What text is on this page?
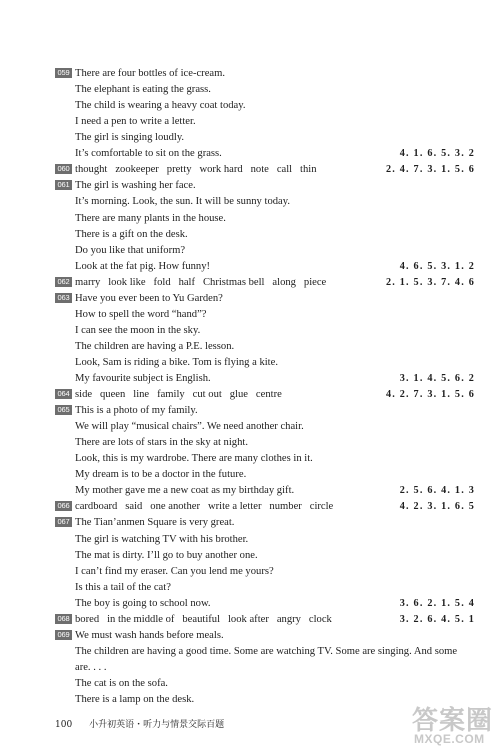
059 There are four bottles of ice-cream.
The elephant is eating the grass.
The child is wearing a heavy coat today.
I need a pen to write a letter.
The girl is singing loudly.
It’s comfortable to sit on the grass.	4. 1. 6. 5. 3. 2
060 thought   zookeeper   pretty   work hard   note   call   thin	2. 4. 7. 3. 1. 5. 6
061 The girl is washing her face.
It’s morning. Look, the sun. It will be sunny today.
There are many plants in the house.
There is a gift on the desk.
Do you like that uniform?
Look at the fat pig. How funny!	4. 6. 5. 3. 1. 2
062 marry   look like   fold   half   Christmas bell   along   piece	2. 1. 5. 3. 7. 4. 6
063 Have you ever been to Yu Garden?
How to spell the word “hand”?
I can see the moon in the sky.
The children are having a P.E. lesson.
Look, Sam is riding a bike. Tom is flying a kite.
My favourite subject is English.	3. 1. 4. 5. 6. 2
064 side   queen   line   family   cut out   glue   centre	4. 2. 7. 3. 1. 5. 6
065 This is a photo of my family.
We will play “musical chairs”. We need another chair.
There are lots of stars in the sky at night.
Look, this is my wardrobe. There are many clothes in it.
My dream is to be a doctor in the future.
My mother gave me a new coat as my birthday gift.	2. 5. 6. 4. 1. 3
066 cardboard   said   one another   write a letter   number   circle	4. 2. 3. 1. 6. 5
067 The Tian’anmen Square is very great.
The girl is watching TV with his brother.
The mat is dirty. I’ll go to buy another one.
I can’t find my eraser. Can you lend me yours?
Is this a tail of the cat?
The boy is going to school now.	3. 6. 2. 1. 5. 4
068 bored   in the middle of   beautiful   look after   angry   clock	3. 2. 6. 4. 5. 1
069 We must wash hands before meals.
The children are having a good time. Some are watching TV. Some are singing. And some
are. . . .
The cat is on the sofa.
There is a lamp on the desk.
100 小升初英语・听力与情景交际百题	答案圈
MXQE.COM
